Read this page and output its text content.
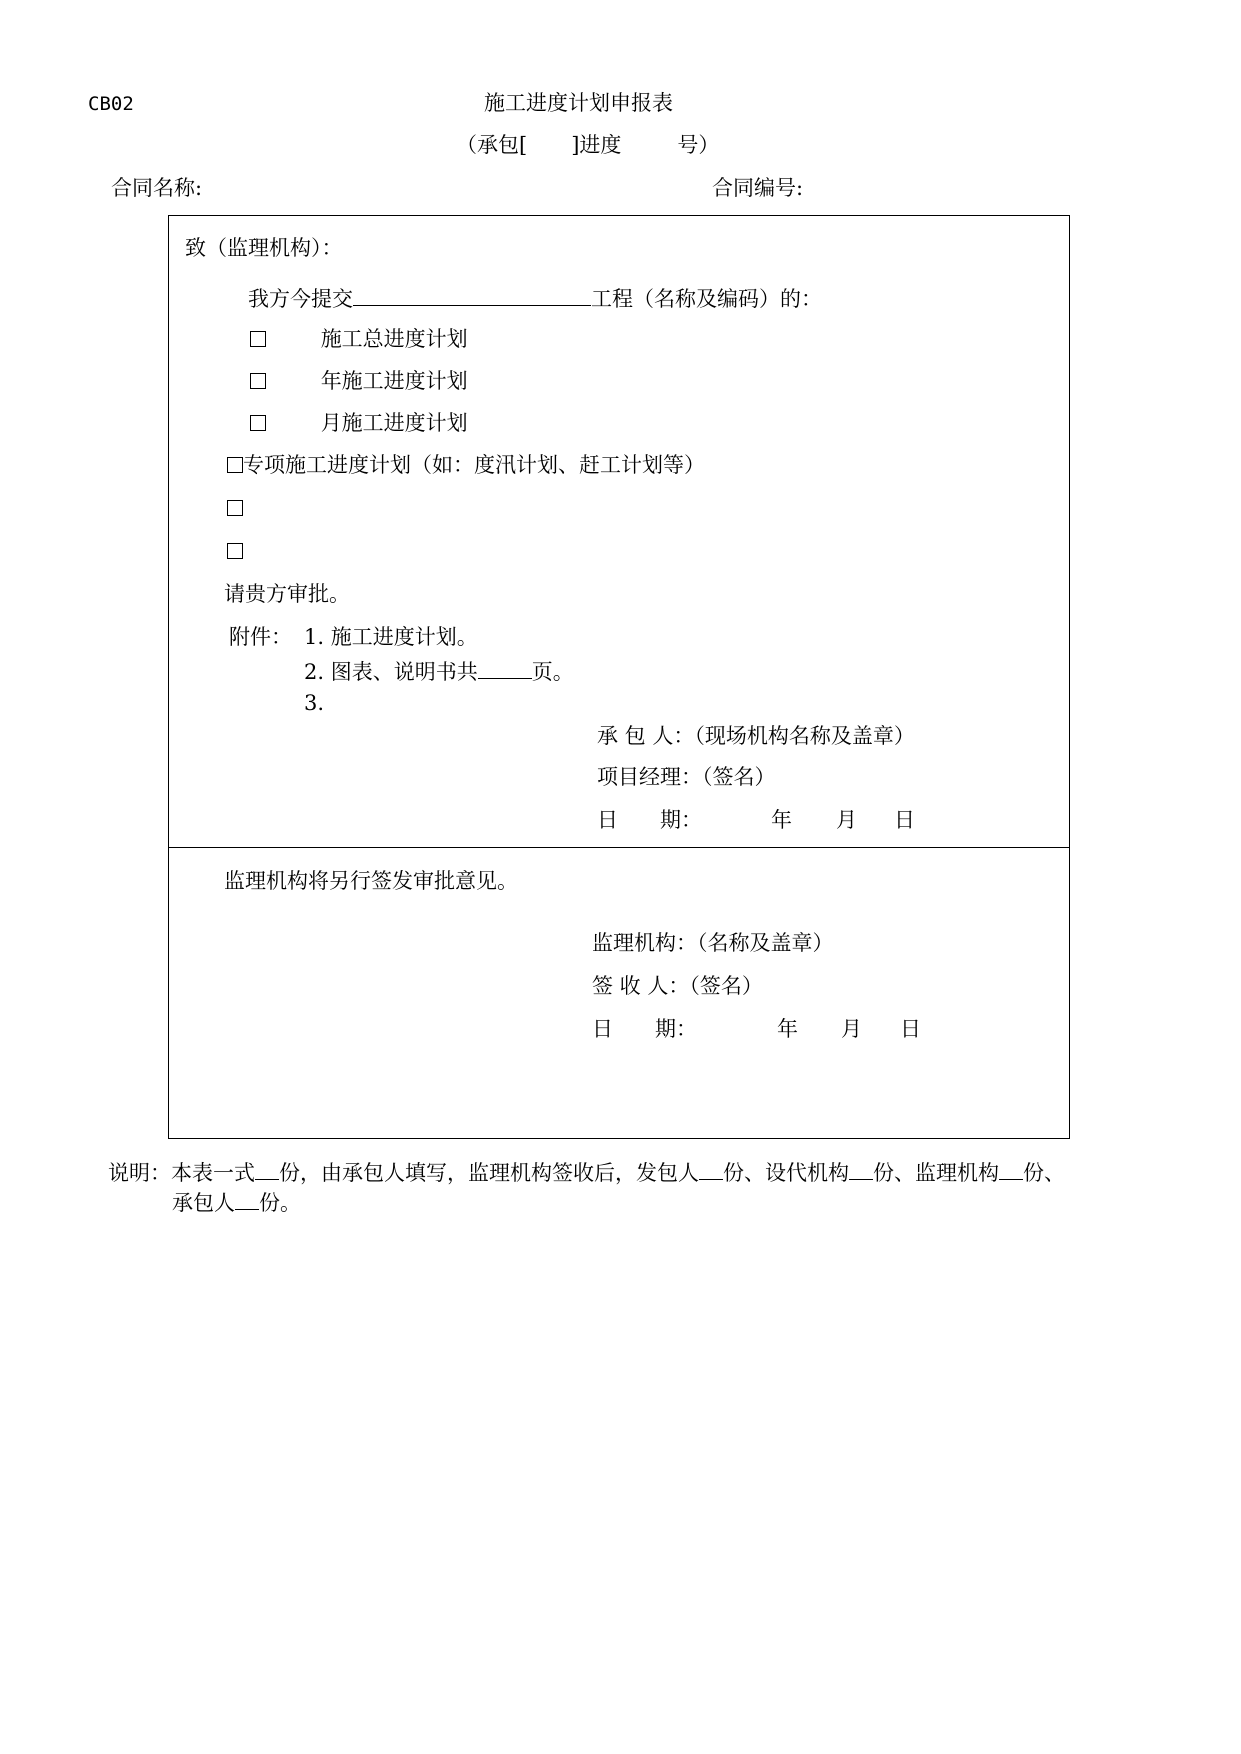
CB02	施工进度计划申报表
（承包[ ]进度	号）
合同名称:	合同编号:
致（监理机构）：
我方今提交	工程（名称及编码）的：
施工总进度计划
年施工进度计划
月施工进度计划
专项施工进度计划（如：度汛计划、赶工计划等）
请贵方审批。
附件： 1. 施工进度计划。
2. 图表、说明书共	页。
3.
承 包 人：（现场机构名称及盖章）
项目经理：（签名）
日　　期：	年 月 日
监理机构将另行签发审批意见。
监理机构：（名称及盖章）
签 收 人：（签名）
日　　期：	年 月 日
说明：本表一式 份，由承包人填写，监理机构签收后，发包人 份、设代机构 份、监理机构 份、
承包人 份。
